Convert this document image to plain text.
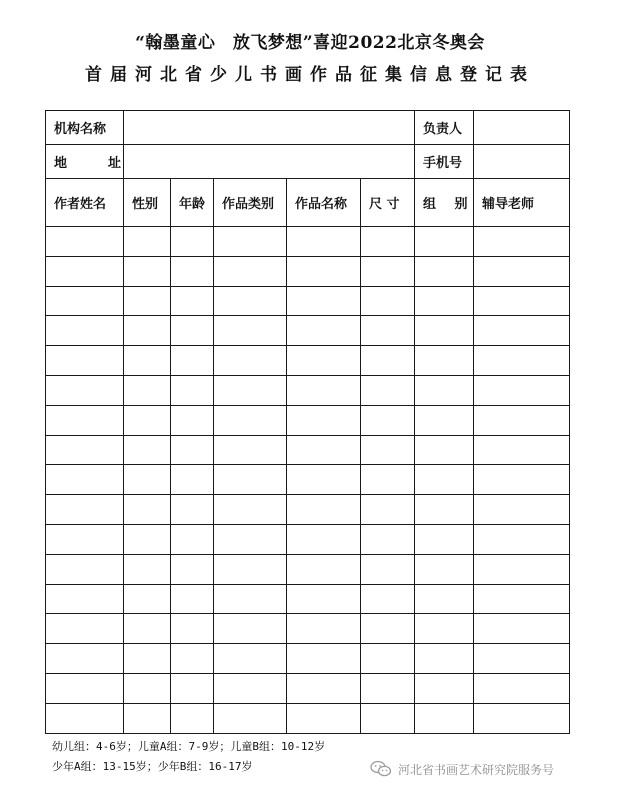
“翰墨童心　放飞梦想”喜迎2022北京冬奥会
首届河北省少儿书画作品征集信息登记表
机构名称						负责人	
地　址						手机号	
作者姓名	性别	年龄	作品类别	作品名称	尺 寸	组 别	辅导老师

幼儿组：4-6岁；儿童A组：7-9岁；儿童B组：10-12岁
少年A组：13-15岁；少年B组：16-17岁	河北省书画艺术研究院服务号
